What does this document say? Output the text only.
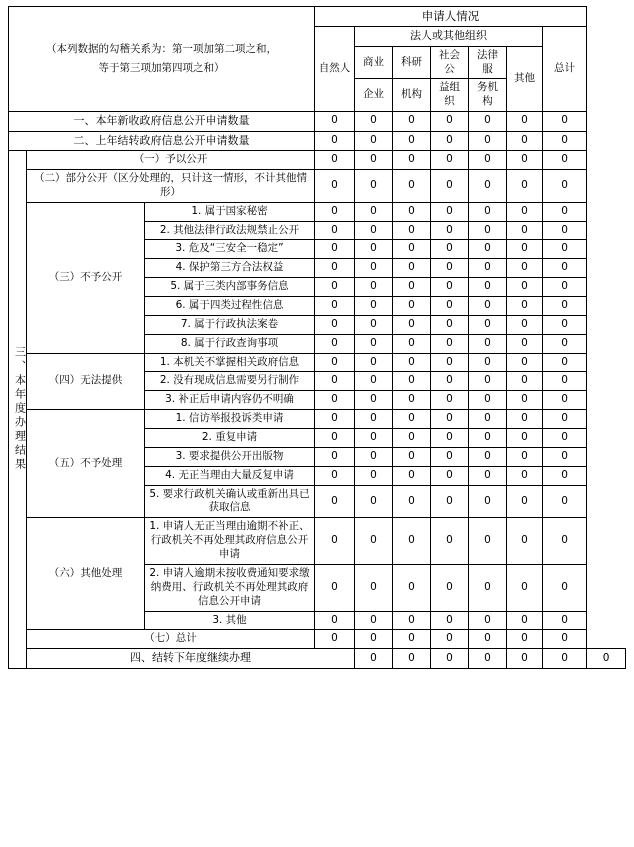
（本列数据的勾稽关系为：第一项加第二项之和，
等于第三项加第四项之和）			申请人情况							
			自然人	法人或其他组织					总计	
				商业	科研	社会公	法律服	其他		
				企业	机构	益组织	务机构			
一、本年新收政府信息公开申请数量			0	0	0	0	0	0	0	
二、上年结转政府信息公开申请数量			0	0	0	0	0	0	0	

三、本年度办理结果	（一）予以公开		0	0	0	0	0	0	0	
	（二）部分公开（区分处理的，只计这一情形，不计其他情形）		0	0	0	0	0	0	0	
	（三）不予公开	1. 属于国家秘密	0	0	0	0	0	0	0	
		2. 其他法律行政法规禁止公开	0	0	0	0	0	0	0	
		3. 危及“三安全一稳定”	0	0	0	0	0	0	0	
		4. 保护第三方合法权益	0	0	0	0	0	0	0	
		5. 属于三类内部事务信息	0	0	0	0	0	0	0	
		6. 属于四类过程性信息	0	0	0	0	0	0	0	
		7. 属于行政执法案卷	0	0	0	0	0	0	0	
		8. 属于行政查询事项	0	0	0	0	0	0	0	
	（四）无法提供	1. 本机关不掌握相关政府信息	0	0	0	0	0	0	0	
		2. 没有现成信息需要另行制作	0	0	0	0	0	0	0	
		3. 补正后申请内容仍不明确	0	0	0	0	0	0	0	
	（五）不予处理	1. 信访举报投诉类申请	0	0	0	0	0	0	0	
		2. 重复申请	0	0	0	0	0	0	0	
		3. 要求提供公开出版物	0	0	0	0	0	0	0	
		4. 无正当理由大量反复申请	0	0	0	0	0	0	0	
		5. 要求行政机关确认或重新出具已获取信息	0	0	0	0	0	0	0	
	（六）其他处理	1. 申请人无正当理由逾期不补正、行政机关不再处理其政府信息公开申请	0	0	0	0	0	0	0	
		2. 申请人逾期未按收费通知要求缴纳费用、行政机关不再处理其政府信息公开申请	0	0	0	0	0	0	0	
		3. 其他	0	0	0	0	0	0	0	
	（七）总计		0	0	0	0	0	0	0	
	四、结转下年度继续办理			0	0	0	0	0	0	0
